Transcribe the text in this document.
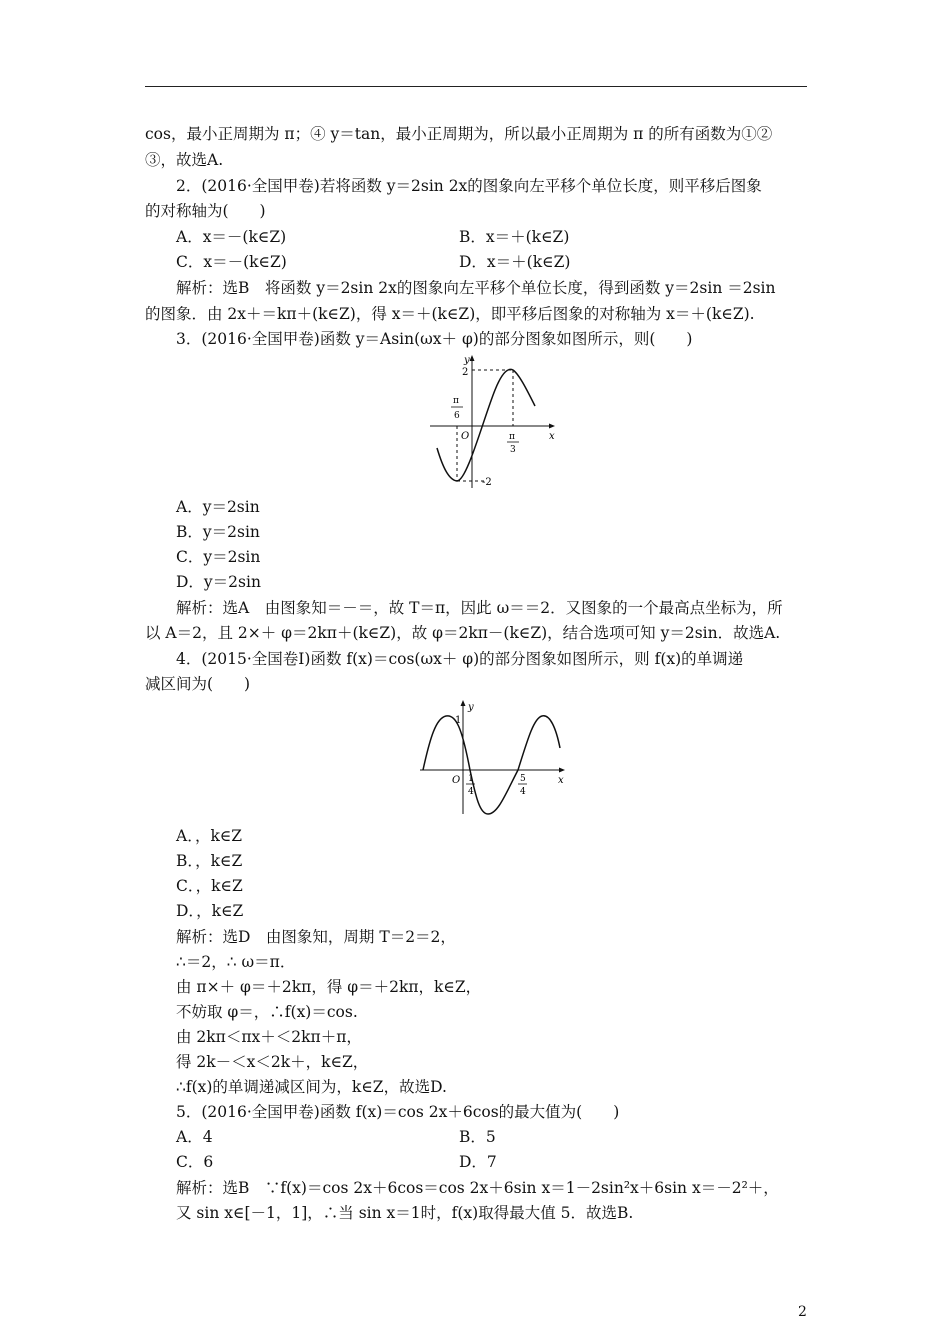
cos，最小正周期为 π；④ y＝tan，最小正周期为，所以最小正周期为 π 的所有函数为①②
③，故选A.
2．(2016·全国甲卷)若将函数 y＝2sin 2x的图象向左平移个单位长度，则平移后图象
的对称轴为(　　)
A．x＝－(k∈Z)	B．x＝＋(k∈Z)
C．x＝－(k∈Z)	D．x＝＋(k∈Z)
解析：选B　将函数 y＝2sin 2x的图象向左平移个单位长度，得到函数 y＝2sin ＝2sin
的图象．由 2x＋＝kπ＋(k∈Z)，得 x＝＋(k∈Z)，即平移后图象的对称轴为 x＝＋(k∈Z).
3．(2016·全国甲卷)函数 y＝Asin(ωx＋ φ)的部分图象如图所示，则(　　)
y
x
O
2
-2
π
6
π
3
A．y＝2sin
B．y＝2sin
C．y＝2sin
D．y＝2sin
解析：选A　由图象知＝－＝，故 T＝π，因此 ω＝＝2．又图象的一个最高点坐标为，所
以 A＝2，且 2×＋ φ＝2kπ＋(k∈Z)，故 φ＝2kπ－(k∈Z)，结合选项可知 y＝2sin．故选A.
4．(2015·全国卷Ⅰ)函数 f(x)＝cos(ωx＋ φ)的部分图象如图所示，则 f(x)的单调递
减区间为(　　)
y
x
O
1
1
4
5
4
A．，k∈Z
B．，k∈Z
C．，k∈Z
D．，k∈Z
解析：选D　由图象知，周期 T＝2＝2，
∴＝2，∴ ω＝π．
由 π×＋ φ＝＋2kπ，得 φ＝＋2kπ，k∈Z，
不妨取 φ＝，∴f(x)＝cos.
由 2kπ＜πx＋＜2kπ＋π，
得 2k－＜x＜2k＋，k∈Z，
∴f(x)的单调递减区间为，k∈Z，故选D.
5．(2016·全国甲卷)函数 f(x)＝cos 2x＋6cos的最大值为(　　)
A．4	B．5
C．6	D．7
解析：选B　∵f(x)＝cos 2x＋6cos＝cos 2x＋6sin x＝1－2sin²x＋6sin x＝－2²＋，
又 sin x∈[－1，1]，∴当 sin x＝1时，f(x)取得最大值 5．故选B.
2
